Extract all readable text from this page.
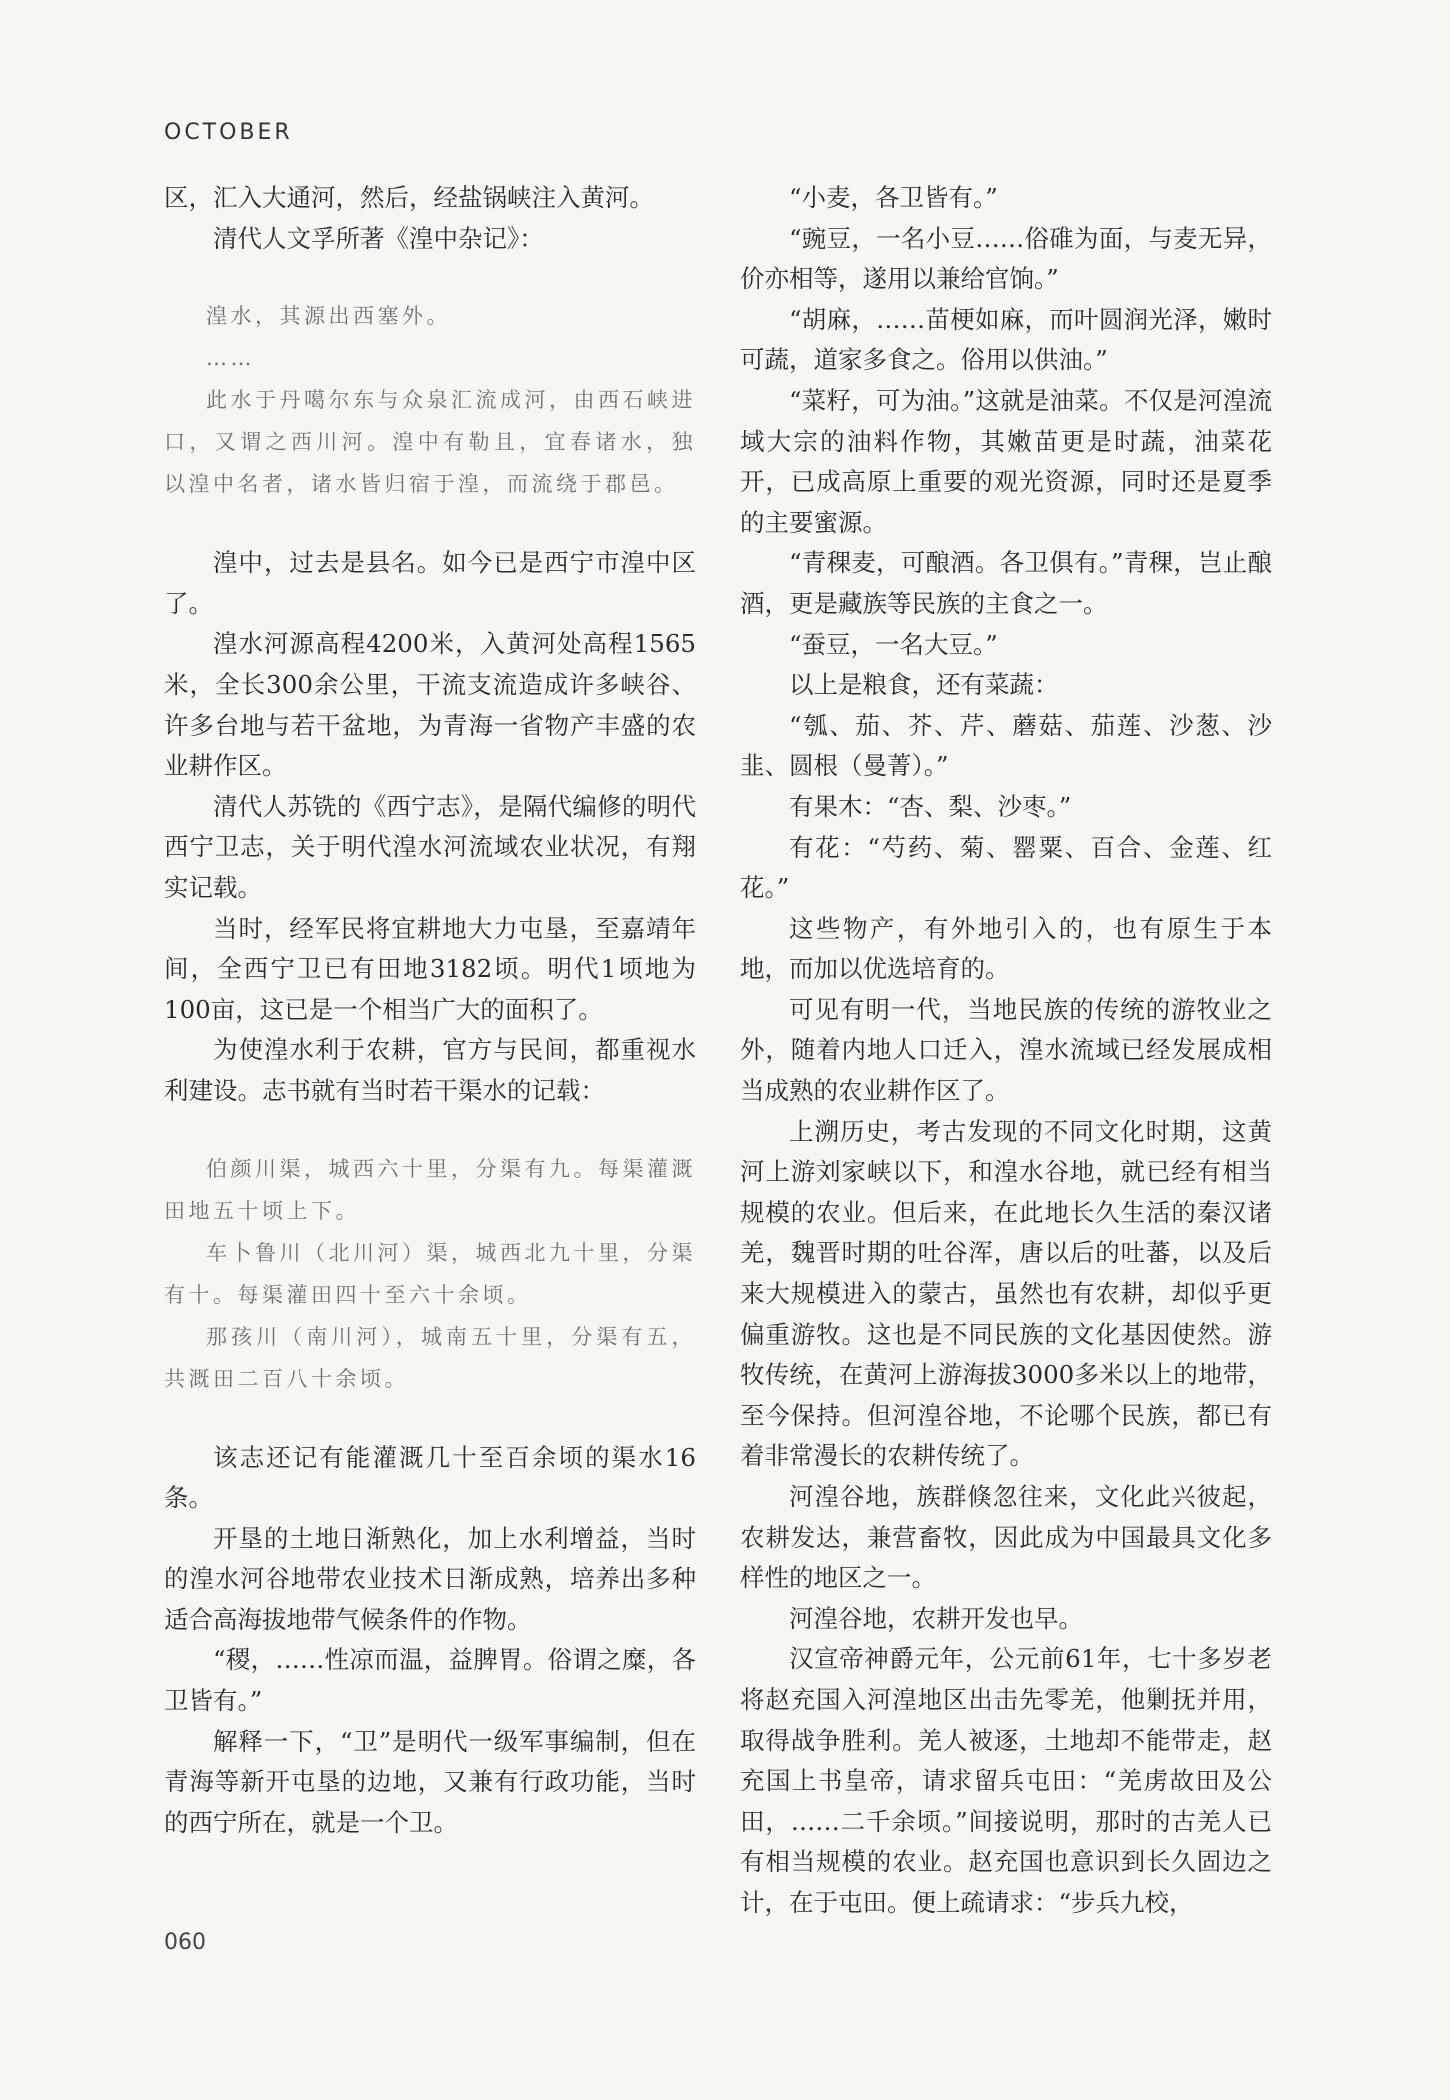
OCTOBER

区，汇入大通河，然后，经盐锅峡注入黄河。

清代人文孚所著《湟中杂记》：

湟水，其源出西塞外。

……

此水于丹噶尔东与众泉汇流成河，由西石峡进口，又谓之西川河。湟中有勒且，宜春诸水，独以湟中名者，诸水皆归宿于湟，而流绕于郡邑。

湟中，过去是县名。如今已是西宁市湟中区了。

湟水河源高程4200米，入黄河处高程1565米，全长300余公里，干流支流造成许多峡谷、许多台地与若干盆地，为青海一省物产丰盛的农业耕作区。

清代人苏铣的《西宁志》，是隔代编修的明代西宁卫志，关于明代湟水河流域农业状况，有翔实记载。

当时，经军民将宜耕地大力屯垦，至嘉靖年间，全西宁卫已有田地3182顷。明代1顷地为100亩，这已是一个相当广大的面积了。

为使湟水利于农耕，官方与民间，都重视水利建设。志书就有当时若干渠水的记载：

伯颜川渠，城西六十里，分渠有九。每渠灌溉田地五十顷上下。

车卜鲁川（北川河）渠，城西北九十里，分渠有十。每渠灌田四十至六十余顷。

那孩川（南川河），城南五十里，分渠有五，共溉田二百八十余顷。

该志还记有能灌溉几十至百余顷的渠水16条。

开垦的土地日渐熟化，加上水利增益，当时的湟水河谷地带农业技术日渐成熟，培养出多种适合高海拔地带气候条件的作物。

“稷，……性凉而温，益脾胃。俗谓之糜，各卫皆有。”

解释一下，“卫”是明代一级军事编制，但在青海等新开屯垦的边地，又兼有行政功能，当时的西宁所在，就是一个卫。

“小麦，各卫皆有。”

“豌豆，一名小豆……俗碓为面，与麦无异，价亦相等，遂用以兼给官饷。”

“胡麻，……苗梗如麻，而叶圆润光泽，嫩时可蔬，道家多食之。俗用以供油。”

“菜籽，可为油。”这就是油菜。不仅是河湟流域大宗的油料作物，其嫩苗更是时蔬，油菜花开，已成高原上重要的观光资源，同时还是夏季的主要蜜源。

“青稞麦，可酿酒。各卫俱有。”青稞，岂止酿酒，更是藏族等民族的主食之一。

“蚕豆，一名大豆。”

以上是粮食，还有菜蔬：

“瓠、茄、芥、芹、蘑菇、茄莲、沙葱、沙韭、圆根（曼菁）。”

有果木：“杏、梨、沙枣。”

有花：“芍药、菊、罂粟、百合、金莲、红花。”

这些物产，有外地引入的，也有原生于本地，而加以优选培育的。

可见有明一代，当地民族的传统的游牧业之外，随着内地人口迁入，湟水流域已经发展成相当成熟的农业耕作区了。

上溯历史，考古发现的不同文化时期，这黄河上游刘家峡以下，和湟水谷地，就已经有相当规模的农业。但后来，在此地长久生活的秦汉诸羌，魏晋时期的吐谷浑，唐以后的吐蕃，以及后来大规模进入的蒙古，虽然也有农耕，却似乎更偏重游牧。这也是不同民族的文化基因使然。游牧传统，在黄河上游海拔3000多米以上的地带，至今保持。但河湟谷地，不论哪个民族，都已有着非常漫长的农耕传统了。

河湟谷地，族群倏忽往来，文化此兴彼起，农耕发达，兼营畜牧，因此成为中国最具文化多样性的地区之一。

河湟谷地，农耕开发也早。

汉宣帝神爵元年，公元前61年，七十多岁老将赵充国入河湟地区出击先零羌，他剿抚并用，取得战争胜利。羌人被逐，土地却不能带走，赵充国上书皇帝，请求留兵屯田：“羌虏故田及公田，……二千余顷。”间接说明，那时的古羌人已有相当规模的农业。赵充国也意识到长久固边之计，在于屯田。便上疏请求：“步兵九校，

060
